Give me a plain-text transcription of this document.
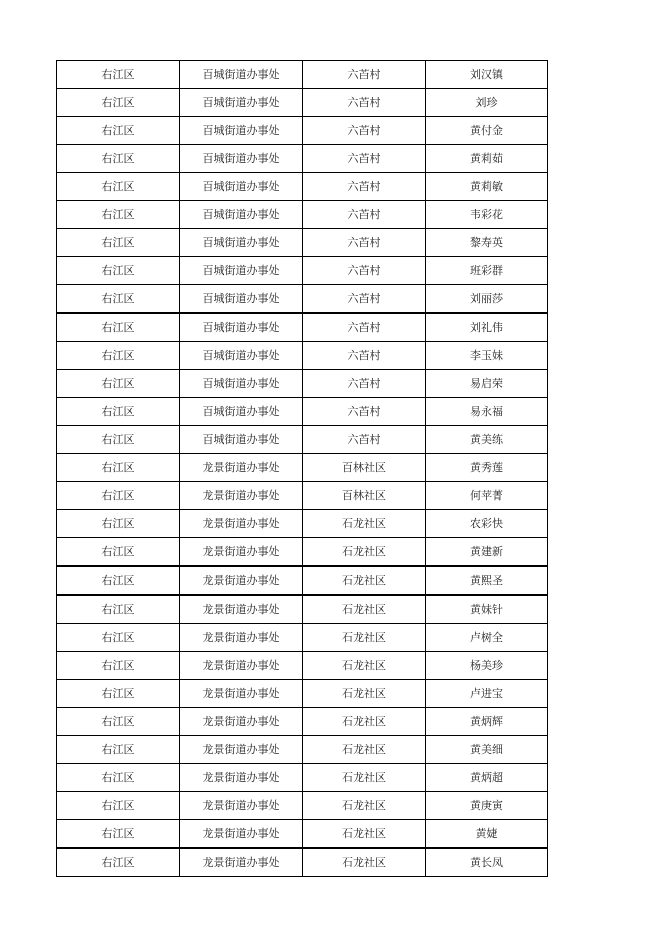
右江区	百城街道办事处	六苩村	刘汉镇
右江区	百城街道办事处	六苩村	刘珍
右江区	百城街道办事处	六苩村	黄付金
右江区	百城街道办事处	六苩村	黄莉茹
右江区	百城街道办事处	六苩村	黄莉敏
右江区	百城街道办事处	六苩村	韦彩花
右江区	百城街道办事处	六苩村	黎寿英
右江区	百城街道办事处	六苩村	班彩群
右江区	百城街道办事处	六苩村	刘丽莎
右江区	百城街道办事处	六苩村	刘礼伟
右江区	百城街道办事处	六苩村	李玉妹
右江区	百城街道办事处	六苩村	易启荣
右江区	百城街道办事处	六苩村	易永福
右江区	百城街道办事处	六苩村	黄美练
右江区	龙景街道办事处	百林社区	黄秀莲
右江区	龙景街道办事处	百林社区	何苹菁
右江区	龙景街道办事处	石龙社区	农彩快
右江区	龙景街道办事处	石龙社区	黄建新
右江区	龙景街道办事处	石龙社区	黄熙圣
右江区	龙景街道办事处	石龙社区	黄妹针
右江区	龙景街道办事处	石龙社区	卢树全
右江区	龙景街道办事处	石龙社区	杨美珍
右江区	龙景街道办事处	石龙社区	卢进宝
右江区	龙景街道办事处	石龙社区	黄炳辉
右江区	龙景街道办事处	石龙社区	黄美细
右江区	龙景街道办事处	石龙社区	黄炳超
右江区	龙景街道办事处	石龙社区	黄庚寅
右江区	龙景街道办事处	石龙社区	黄婕
右江区	龙景街道办事处	石龙社区	黄长凤
